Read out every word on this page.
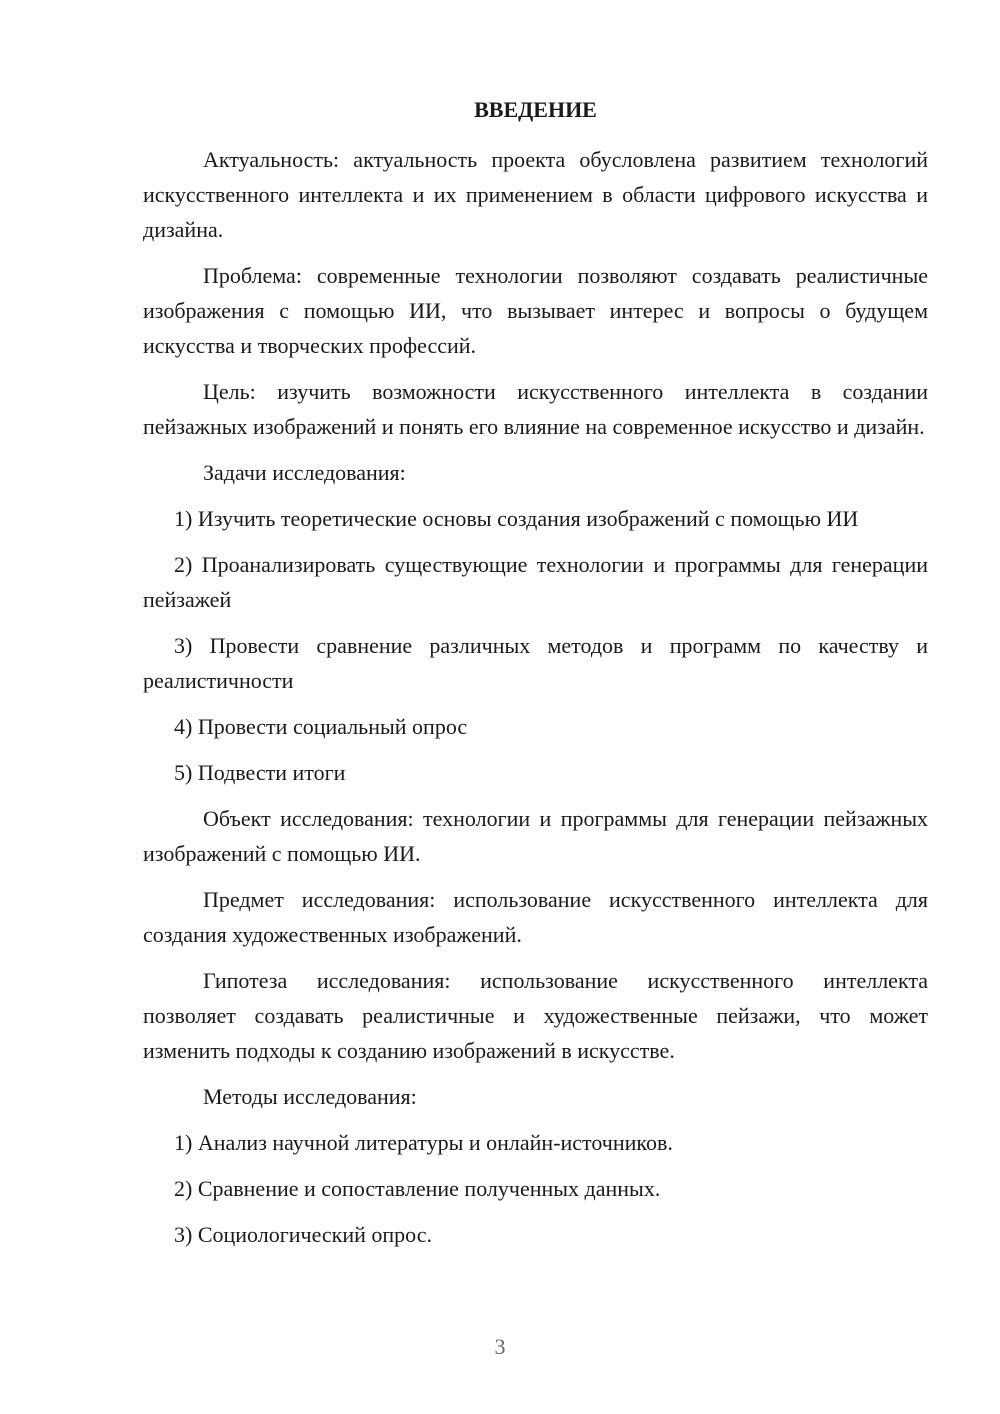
ВВЕДЕНИЕ

Актуальность: актуальность проекта обусловлена развитием технологий искусственного интеллекта и их применением в области цифрового искусства и дизайна.

Проблема: современные технологии позволяют создавать реалистичные изображения с помощью ИИ, что вызывает интерес и вопросы о будущем искусства и творческих профессий.

Цель: изучить возможности искусственного интеллекта в создании пейзажных изображений и понять его влияние на современное искусство и дизайн.

Задачи исследования:

1) Изучить теоретические основы создания изображений с помощью ИИ

2) Проанализировать существующие технологии и программы для генерации пейзажей

3) Провести сравнение различных методов и программ по качеству и реалистичности

4) Провести социальный опрос

5) Подвести итоги

Объект исследования: технологии и программы для генерации пейзажных изображений с помощью ИИ.

Предмет исследования: использование искусственного интеллекта для создания художественных изображений.

Гипотеза исследования: использование искусственного интеллекта позволяет создавать реалистичные и художественные пейзажи, что может изменить подходы к созданию изображений в искусстве.

Методы исследования:

1) Анализ научной литературы и онлайн-источников.

2) Сравнение и сопоставление полученных данных.

3) Социологический опрос.

3
